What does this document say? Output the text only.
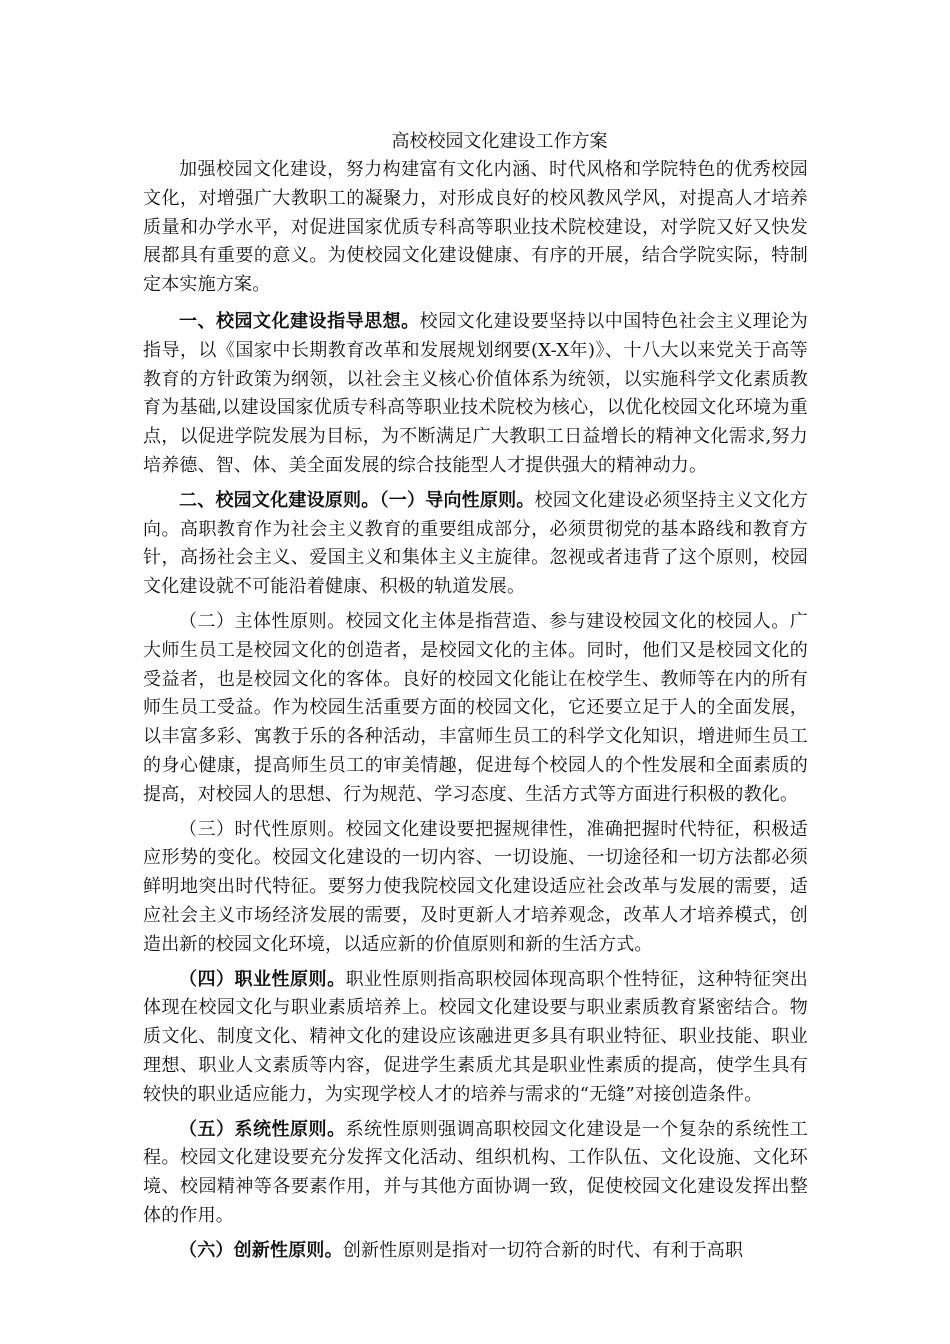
高校校园文化建设工作方案

加强校园文化建设，努力构建富有文化内涵、时代风格和学院特色的优秀校园文化，对增强广大教职工的凝聚力，对形成良好的校风教风学风，对提高人才培养质量和办学水平，对促进国家优质专科高等职业技术院校建设，对学院又好又快发展都具有重要的意义。为使校园文化建设健康、有序的开展，结合学院实际，特制定本实施方案。

一、校园文化建设指导思想。校园文化建设要坚持以中国特色社会主义理论为指导，以《国家中长期教育改革和发展规划纲要(X-X年)》、十八大以来党关于高等教育的方针政策为纲领，以社会主义核心价值体系为统领，以实施科学文化素质教育为基础,以建设国家优质专科高等职业技术院校为核心，以优化校园文化环境为重点，以促进学院发展为目标，为不断满足广大教职工日益增长的精神文化需求,努力培养德、智、体、美全面发展的综合技能型人才提供强大的精神动力。

二、校园文化建设原则。（一）导向性原则。校园文化建设必须坚持主义文化方向。高职教育作为社会主义教育的重要组成部分，必须贯彻党的基本路线和教育方针，高扬社会主义、爱国主义和集体主义主旋律。忽视或者违背了这个原则，校园文化建设就不可能沿着健康、积极的轨道发展。

（二）主体性原则。校园文化主体是指营造、参与建设校园文化的校园人。广大师生员工是校园文化的创造者，是校园文化的主体。同时，他们又是校园文化的受益者，也是校园文化的客体。良好的校园文化能让在校学生、教师等在内的所有师生员工受益。作为校园生活重要方面的校园文化，它还要立足于人的全面发展，以丰富多彩、寓教于乐的各种活动，丰富师生员工的科学文化知识，增进师生员工的身心健康，提高师生员工的审美情趣，促进每个校园人的个性发展和全面素质的提高，对校园人的思想、行为规范、学习态度、生活方式等方面进行积极的教化。

（三）时代性原则。校园文化建设要把握规律性，准确把握时代特征，积极适应形势的变化。校园文化建设的一切内容、一切设施、一切途径和一切方法都必须鲜明地突出时代特征。要努力使我院校园文化建设适应社会改革与发展的需要，适应社会主义市场经济发展的需要，及时更新人才培养观念，改革人才培养模式，创造出新的校园文化环境，以适应新的价值原则和新的生活方式。

（四）职业性原则。职业性原则指高职校园体现高职个性特征，这种特征突出体现在校园文化与职业素质培养上。校园文化建设要与职业素质教育紧密结合。物质文化、制度文化、精神文化的建设应该融进更多具有职业特征、职业技能、职业理想、职业人文素质等内容，促进学生素质尤其是职业性素质的提高，使学生具有较快的职业适应能力，为实现学校人才的培养与需求的“无缝”对接创造条件。

（五）系统性原则。系统性原则强调高职校园文化建设是一个复杂的系统性工程。校园文化建设要充分发挥文化活动、组织机构、工作队伍、文化设施、文化环境、校园精神等各要素作用，并与其他方面协调一致，促使校园文化建设发挥出整体的作用。

（六）创新性原则。创新性原则是指对一切符合新的时代、有利于高职
